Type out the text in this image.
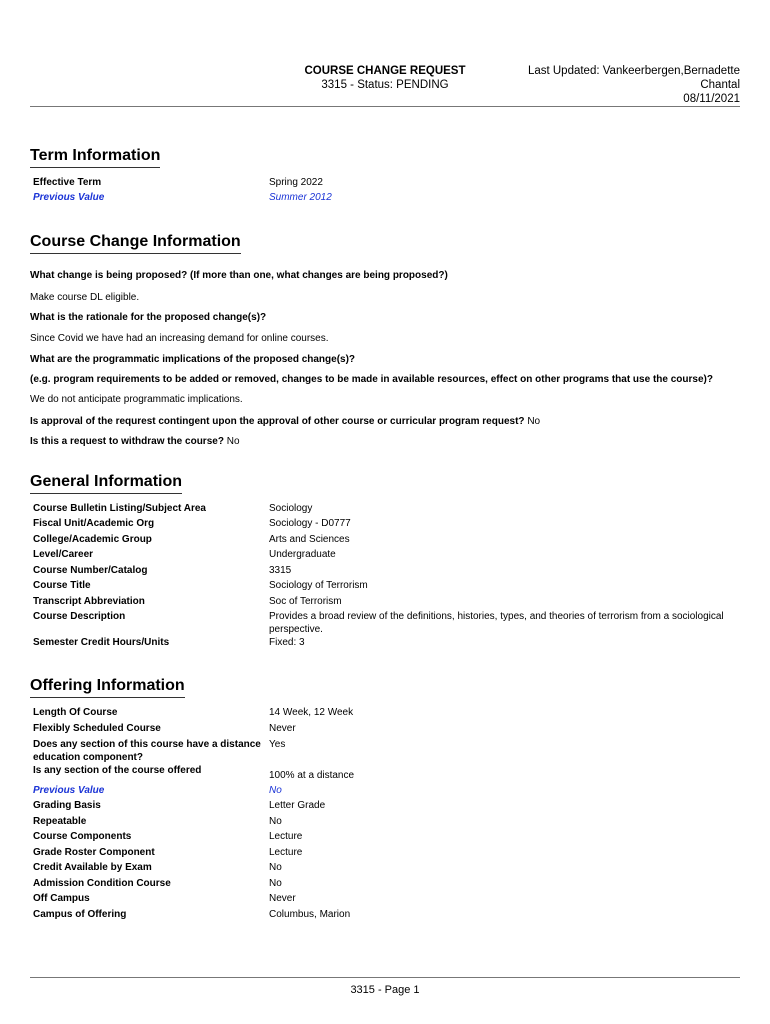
COURSE CHANGE REQUEST
3315 - Status: PENDING
Last Updated: Vankeerbergen,Bernadette
Chantal
08/11/2021
Term Information
Effective Term	Spring 2022
Previous Value	Summer 2012
Course Change Information
What change is being proposed? (If more than one, what changes are being proposed?)
Make course DL eligible.
What is the rationale for the proposed change(s)?
Since Covid we have had an increasing demand for online courses.
What are the programmatic implications of the proposed change(s)?
(e.g. program requirements to be added or removed, changes to be made in available resources, effect on other programs that use the course)?
We do not anticipate programmatic implications.
Is approval of the requrest contingent upon the approval of other course or curricular program request? No
Is this a request to withdraw the course? No
General Information
Course Bulletin Listing/Subject Area	Sociology
Fiscal Unit/Academic Org	Sociology - D0777
College/Academic Group	Arts and Sciences
Level/Career	Undergraduate
Course Number/Catalog	3315
Course Title	Sociology of Terrorism
Transcript Abbreviation	Soc of Terrorism
Course Description	Provides a broad review of the definitions, histories, types, and theories of terrorism from a sociological perspective.
Semester Credit Hours/Units	Fixed: 3
Offering Information
Length Of Course	14 Week, 12 Week
Flexibly Scheduled Course	Never
Does any section of this course have a distance education component?
Yes
Is any section of the course offered	100% at a distance
Previous Value	No
Grading Basis	Letter Grade
Repeatable	No
Course Components	Lecture
Grade Roster Component	Lecture
Credit Available by Exam	No
Admission Condition Course	No
Off Campus	Never
Campus of Offering	Columbus, Marion
3315 - Page 1
